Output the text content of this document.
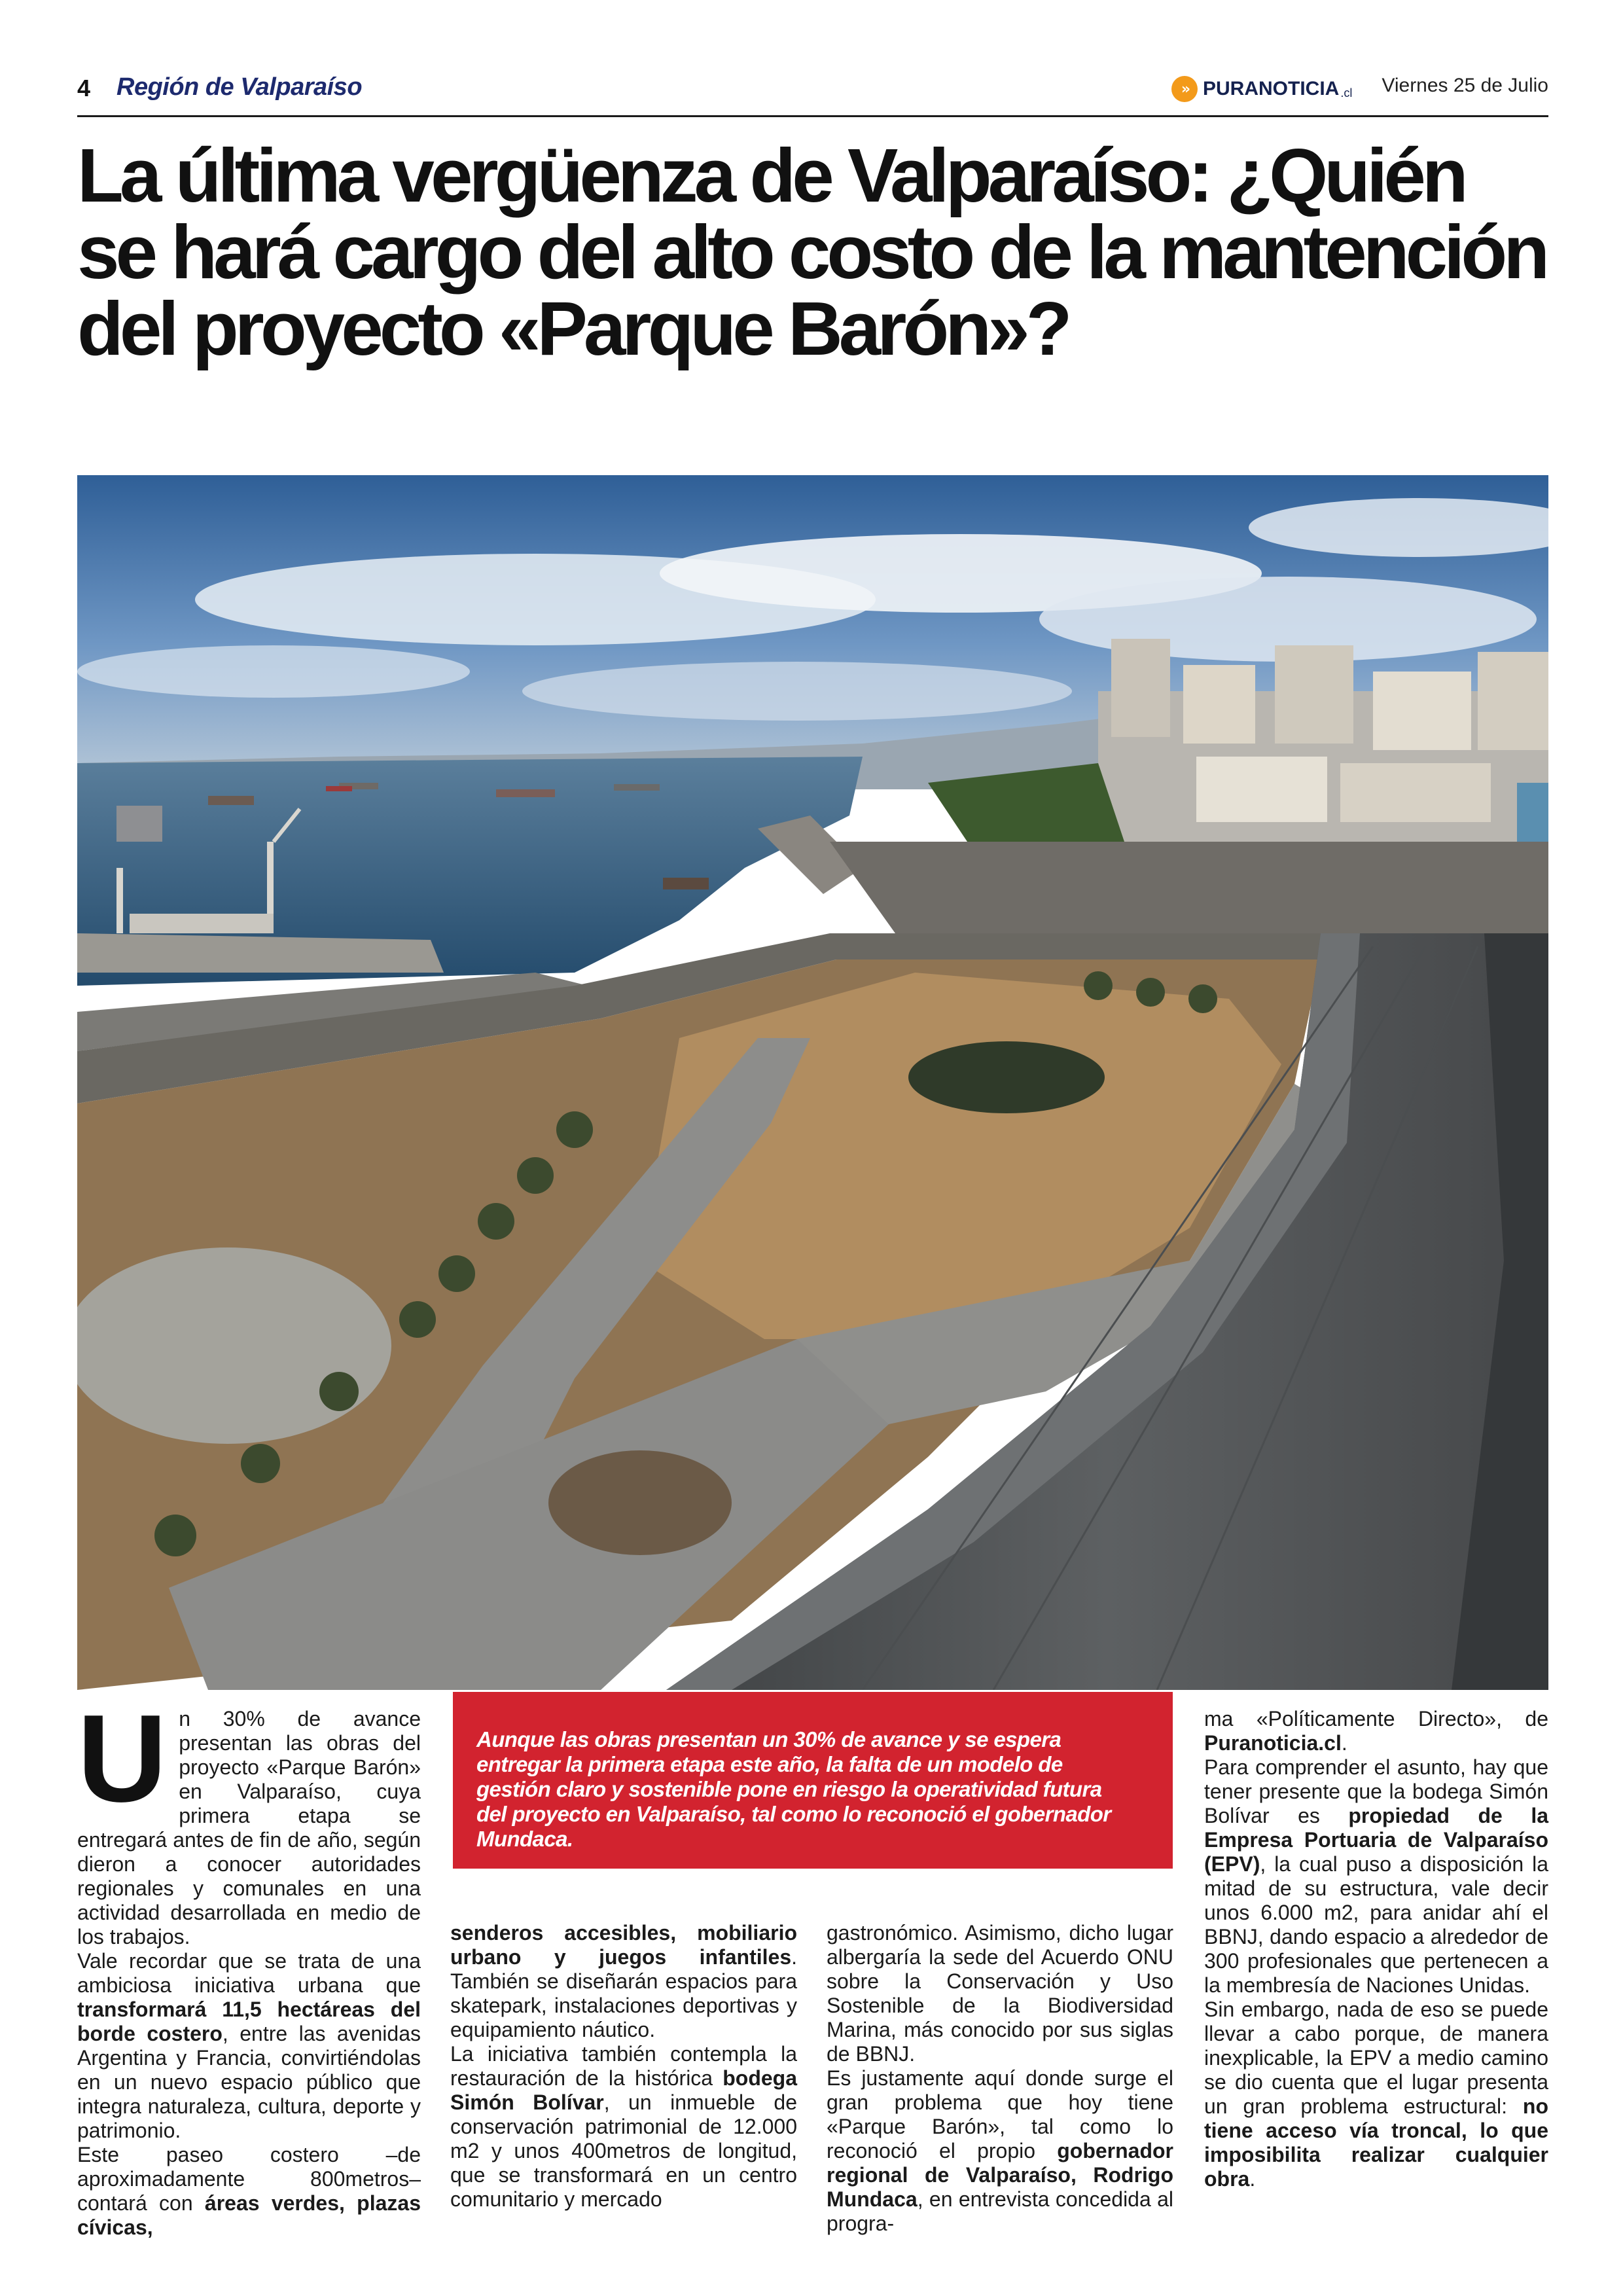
4 Región de Valparaíso	» PURANOTICIA .cl Viernes 25 de Julio
La última vergüenza de Valparaíso: ¿Quién se hará cargo del alto costo de la mantención del proyecto «Parque Barón»?

Aunque las obras presentan un 30% de avance y se espera entregar la primera etapa este año, la falta de un modelo de gestión claro y sostenible pone en riesgo la operatividad futura del proyecto en Valparaíso, tal como lo reconoció el gobernador Mundaca.

U n 30% de avance presentan las obras del proyecto «Parque Barón» en Valparaíso, cuya primera etapa se entregará antes de fin de año, según dieron a conocer autoridades regionales y comunales en una actividad desarrollada en medio de los trabajos.

Vale recordar que se trata de una ambiciosa iniciativa urbana que transformará 11,5 hectáreas del borde costero, entre las avenidas Argentina y Francia, convirtiéndolas en un nuevo espacio público que integra naturaleza, cultura, deporte y patrimonio.

Este paseo costero –de aproximadamente 800metros– contará con áreas verdes, plazas cívicas,

senderos accesibles, mobiliario urbano y juegos infantiles. También se diseñarán espacios para skatepark, instalaciones deportivas y equipamiento náutico.

La iniciativa también contempla la restauración de la histórica bodega Simón Bolívar, un inmueble de conservación patrimonial de 12.000 m2 y unos 400metros de longitud, que se transformará en un centro comunitario y mercado

gastronómico. Asimismo, dicho lugar albergaría la sede del Acuerdo ONU sobre la Conservación y Uso Sostenible de la Biodiversidad Marina, más conocido por sus siglas de BBNJ.

Es justamente aquí donde surge el gran problema que hoy tiene «Parque Barón», tal como lo reconoció el propio gobernador regional de Valparaíso, Rodrigo Mundaca, en entrevista concedida al progra-

ma «Políticamente Directo», de Puranoticia.cl.

Para comprender el asunto, hay que tener presente que la bodega Simón Bolívar es propiedad de la Empresa Portuaria de Valparaíso (EPV), la cual puso a disposición la mitad de su estructura, vale decir unos 6.000 m2, para anidar ahí el BBNJ, dando espacio a alrededor de 300 profesionales que pertenecen a la membresía de Naciones Unidas.

Sin embargo, nada de eso se puede llevar a cabo porque, de manera inexplicable, la EPV a medio camino se dio cuenta que el lugar presenta un gran problema estructural: no tiene acceso vía troncal, lo que imposibilita realizar cualquier obra.
